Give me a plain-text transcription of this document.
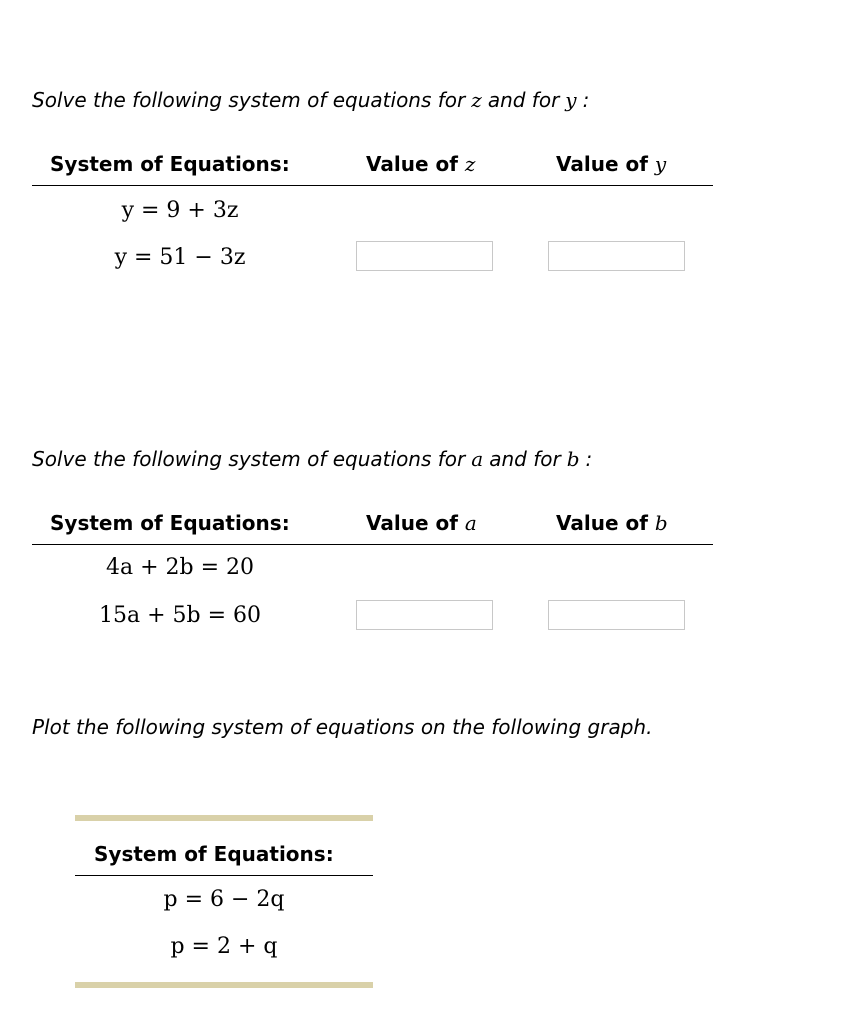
Solve the following system of equations for z and for y :
System of Equations:	Value of z	Value of y
y = 9 + 3z
y = 51 − 3z
Solve the following system of equations for a and for b :
System of Equations:	Value of a	Value of b
4a + 2b = 20
15a + 5b = 60
Plot the following system of equations on the following graph.
System of Equations:
p = 6 − 2q
p = 2 + q
